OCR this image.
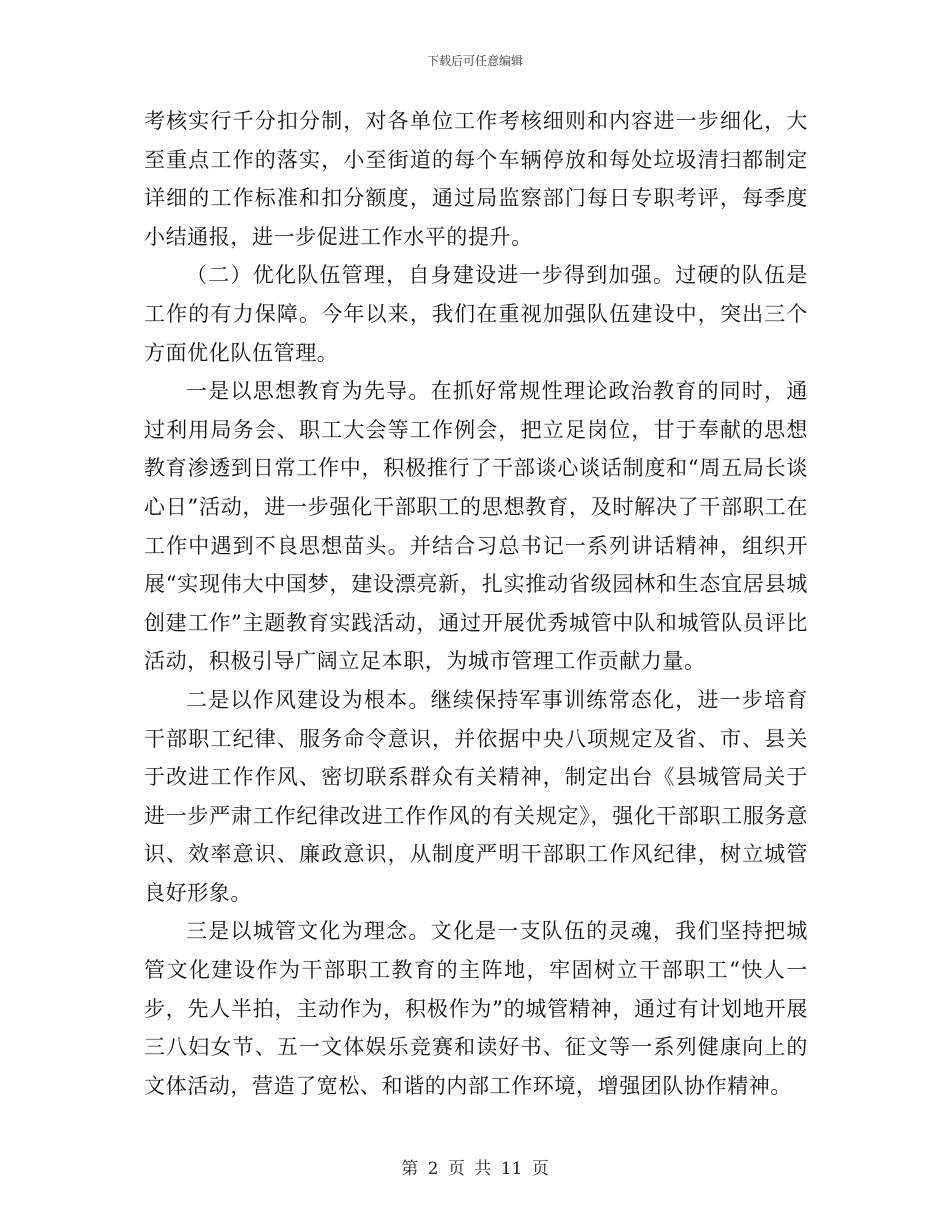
下载后可任意编辑

考核实行千分扣分制，对各单位工作考核细则和内容进一步细化，大至重点工作的落实，小至街道的每个车辆停放和每处垃圾清扫都制定详细的工作标准和扣分额度，通过局监察部门每日专职考评，每季度小结通报，进一步促进工作水平的提升。

（二）优化队伍管理，自身建设进一步得到加强。过硬的队伍是工作的有力保障。今年以来，我们在重视加强队伍建设中，突出三个方面优化队伍管理。

一是以思想教育为先导。在抓好常规性理论政治教育的同时，通过利用局务会、职工大会等工作例会，把立足岗位，甘于奉献的思想教育渗透到日常工作中，积极推行了干部谈心谈话制度和“周五局长谈心日”活动，进一步强化干部职工的思想教育，及时解决了干部职工在工作中遇到不良思想苗头。并结合习总书记一系列讲话精神，组织开展“实现伟大中国梦，建设漂亮新，扎实推动省级园林和生态宜居县城创建工作”主题教育实践活动，通过开展优秀城管中队和城管队员评比活动，积极引导广阔立足本职，为城市管理工作贡献力量。

二是以作风建设为根本。继续保持军事训练常态化，进一步培育干部职工纪律、服务命令意识，并依据中央八项规定及省、市、县关于改进工作作风、密切联系群众有关精神，制定出台《县城管局关于进一步严肃工作纪律改进工作作风的有关规定》，强化干部职工服务意识、效率意识、廉政意识，从制度严明干部职工作风纪律，树立城管良好形象。

三是以城管文化为理念。文化是一支队伍的灵魂，我们坚持把城管文化建设作为干部职工教育的主阵地，牢固树立干部职工“快人一步，先人半拍，主动作为，积极作为”的城管精神，通过有计划地开展三八妇女节、五一文体娱乐竞赛和读好书、征文等一系列健康向上的文体活动，营造了宽松、和谐的内部工作环境，增强团队协作精神。

第 2 页 共 11 页
